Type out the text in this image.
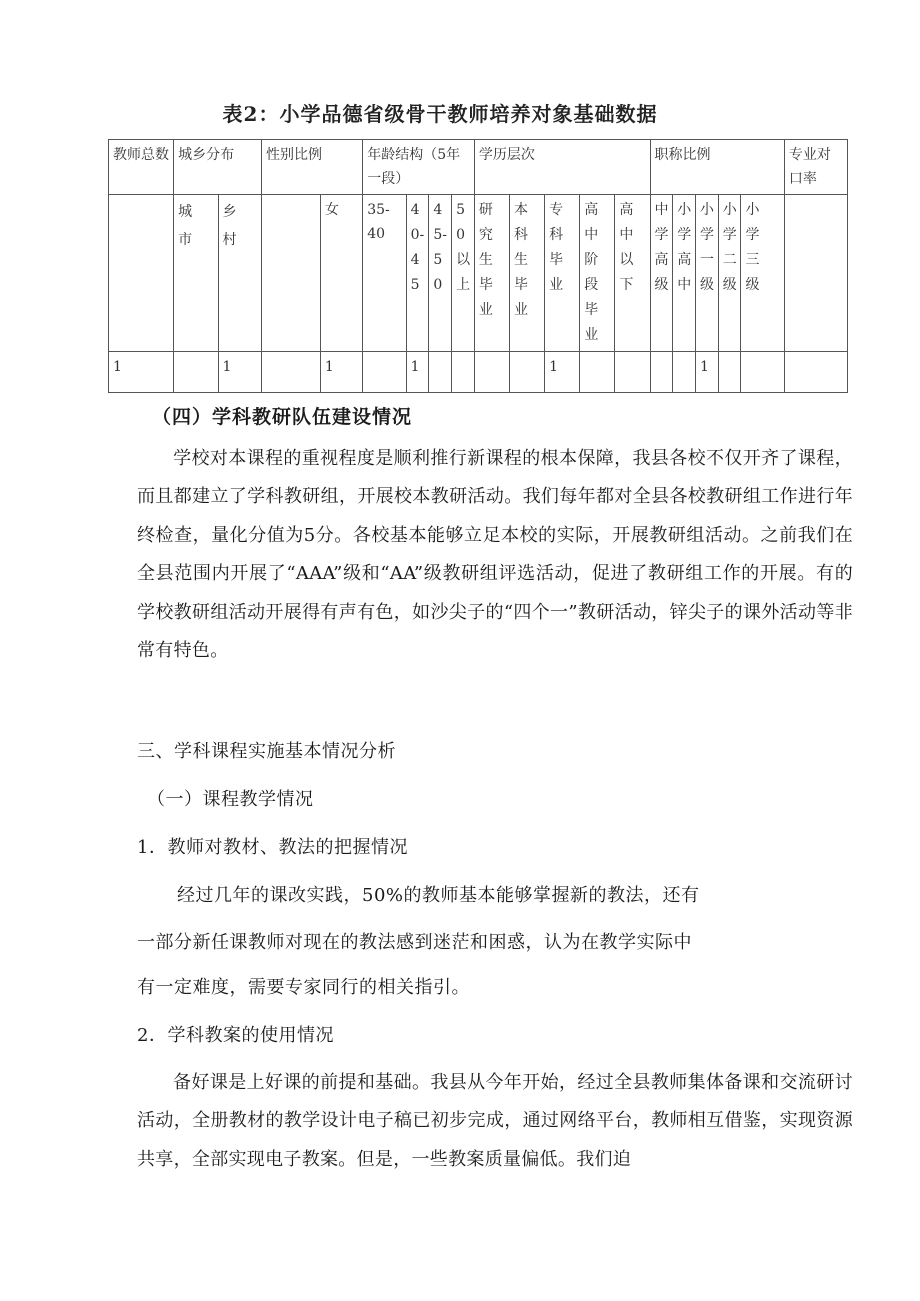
表2：小学品德省级骨干教师培养对象基础数据
教师总数	城乡分布		性别比例		年龄结构（5年一段）				学历层次					职称比例					专业对口率

	城市	乡村		女	35-40	40-45	45-50	50以上	研究生毕业	本科生毕业	专科毕业	高中阶段毕业	高中以下	中学高级	小学高中	小学一级	小学二级	小学三级	

1		1		1		1					1					1			
（四）学科教研队伍建设情况
学校对本课程的重视程度是顺利推行新课程的根本保障，我县各校不仅开齐了课程，而且都建立了学科教研组，开展校本教研活动。我们每年都对全县各校教研组工作进行年终检查，量化分值为5分。各校基本能够立足本校的实际，开展教研组活动。之前我们在全县范围内开展了“AAA”级和“AA”级教研组评选活动，促进了教研组工作的开展。有的学校教研组活动开展得有声有色，如沙尖子的“四个一”教研活动，锌尖子的课外活动等非常有特色。
三、学科课程实施基本情况分析
（一）课程教学情况
1．教师对教材、教法的把握情况
经过几年的课改实践，50%的教师基本能够掌握新的教法，还有
一部分新任课教师对现在的教法感到迷茫和困惑，认为在教学实际中
有一定难度，需要专家同行的相关指引。
2．学科教案的使用情况
备好课是上好课的前提和基础。我县从今年开始，经过全县教师集体备课和交流研讨活动，全册教材的教学设计电子稿已初步完成，通过网络平台，教师相互借鉴，实现资源共享，全部实现电子教案。但是，一些教案质量偏低。我们迫
